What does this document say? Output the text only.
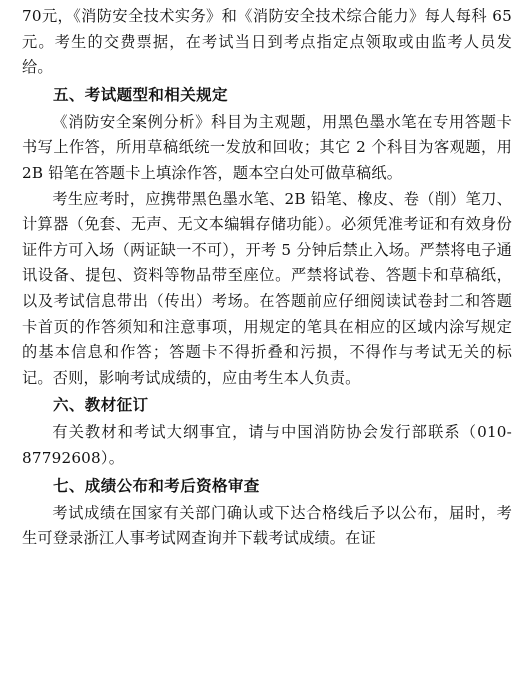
70元，《消防安全技术实务》和《消防安全技术综合能力》每人每科 65 元。考生的交费票据，在考试当日到考点指定点领取或由监考人员发给。

五、考试题型和相关规定

《消防安全案例分析》科目为主观题，用黑色墨水笔在专用答题卡书写上作答，所用草稿纸统一发放和回收；其它 2 个科目为客观题，用 2B 铅笔在答题卡上填涂作答，题本空白处可做草稿纸。

考生应考时，应携带黑色墨水笔、2B 铅笔、橡皮、卷（削）笔刀、计算器（免套、无声、无文本编辑存储功能）。必须凭准考证和有效身份证件方可入场（两证缺一不可），开考 5 分钟后禁止入场。严禁将电子通讯设备、提包、资料等物品带至座位。严禁将试卷、答题卡和草稿纸，以及考试信息带出（传出）考场。在答题前应仔细阅读试卷封二和答题卡首页的作答须知和注意事项，用规定的笔具在相应的区域内涂写规定的基本信息和作答；答题卡不得折叠和污损，不得作与考试无关的标记。否则，影响考试成绩的，应由考生本人负责。

六、教材征订

有关教材和考试大纲事宜，请与中国消防协会发行部联系（010-87792608）。

七、成绩公布和考后资格审查

考试成绩在国家有关部门确认或下达合格线后予以公布，届时，考生可登录浙江人事考试网查询并下载考试成绩。在证
